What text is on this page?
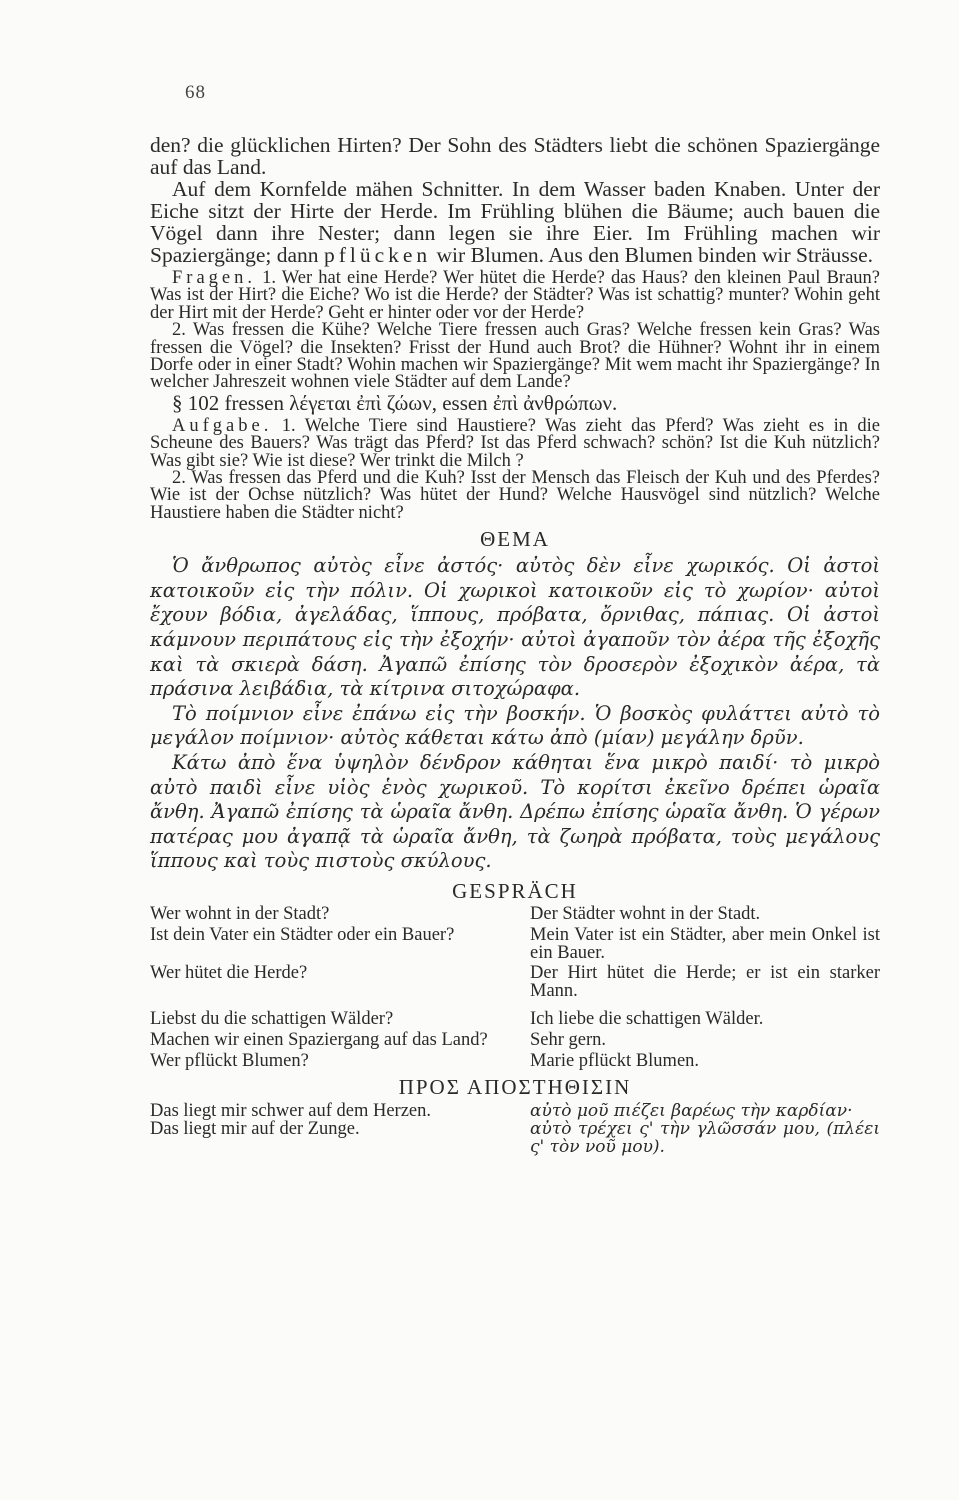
68

den? die glücklichen Hirten? Der Sohn des Städters liebt die schönen Spaziergänge auf das Land.

Auf dem Kornfelde mähen Schnitter. In dem Wasser baden Knaben. Unter der Eiche sitzt der Hirte der Herde. Im Frühling blühen die Bäume; auch bauen die Vögel dann ihre Nester; dann legen sie ihre Eier. Im Frühling machen wir Spaziergänge; dann pflücken wir Blumen. Aus den Blumen binden wir Sträusse.

Fragen. 1. Wer hat eine Herde? Wer hütet die Herde? das Haus? den kleinen Paul Braun? Was ist der Hirt? die Eiche? Wo ist die Herde? der Städter? Was ist schattig? munter? Wohin geht der Hirt mit der Herde? Geht er hinter oder vor der Herde?

2. Was fressen die Kühe? Welche Tiere fressen auch Gras? Welche fressen kein Gras? Was fressen die Vögel? die Insekten? Frisst der Hund auch Brot? die Hühner? Wohnt ihr in einem Dorfe oder in einer Stadt? Wohin machen wir Spaziergänge? Mit wem macht ihr Spaziergänge? In welcher Jahreszeit wohnen viele Städter auf dem Lande?

§ 102 fressen λέγεται ἐπὶ ζώων, essen ἐπὶ ἀνθρώπων.

Aufgabe. 1. Welche Tiere sind Haustiere? Was zieht das Pferd? Was zieht es in die Scheune des Bauers? Was trägt das Pferd? Ist das Pferd schwach? schön? Ist die Kuh nützlich? Was gibt sie? Wie ist diese? Wer trinkt die Milch ?

2. Was fressen das Pferd und die Kuh? Isst der Mensch das Fleisch der Kuh und des Pferdes? Wie ist der Ochse nützlich? Was hütet der Hund? Welche Hausvögel sind nützlich? Welche Haustiere haben die Städter nicht?

ΘΕΜΑ

Ὁ ἄνθρωπος αὐτὸς εἶνε ἀστός· αὐτὸς δὲν εἶνε χωρικός. Οἱ ἀστοὶ κατοικοῦν εἰς τὴν πόλιν. Οἱ χωρικοὶ κατοικοῦν εἰς τὸ χωρίον· αὐτοὶ ἔχουν βόδια, ἀγελάδας, ἵππους, πρόβατα, ὄρνιθας, πάπιας. Οἱ ἀστοὶ κάμνουν περιπάτους εἰς τὴν ἐξοχήν· αὐτοὶ ἀγαποῦν τὸν ἀέρα τῆς ἐξοχῆς καὶ τὰ σκιερὰ δάση. Ἀγαπῶ ἐπίσης τὸν δροσερὸν ἐξοχικὸν ἀέρα, τὰ πράσινα λειβάδια, τὰ κίτρινα σιτοχώραφα.

Τὸ ποίμνιον εἶνε ἐπάνω εἰς τὴν βοσκήν. Ὁ βοσκὸς φυλάττει αὐτὸ τὸ μεγάλον ποίμνιον· αὐτὸς κάθεται κάτω ἀπὸ (μίαν) μεγάλην δρῦν.

Κάτω ἀπὸ ἕνα ὑψηλὸν δένδρον κάθηται ἕνα μικρὸ παιδί· τὸ μικρὸ αὐτὸ παιδὶ εἶνε υἱὸς ἑνὸς χωρικοῦ. Τὸ κορίτσι ἐκεῖνο δρέπει ὡραῖα ἄνθη. Ἀγαπῶ ἐπίσης τὰ ὡραῖα ἄνθη. Δρέπω ἐπίσης ὡραῖα ἄνθη. Ὁ γέρων πατέρας μου ἀγαπᾷ τὰ ὡραῖα ἄνθη, τὰ ζωηρὰ πρόβατα, τοὺς μεγάλους ἵππους καὶ τοὺς πιστοὺς σκύλους.

GESPRÄCH
Wer wohnt in der Stadt?	Der Städter wohnt in der Stadt.
Ist dein Vater ein Städter oder ein Bauer?	Mein Vater ist ein Städter, aber mein Onkel ist ein Bauer.
Wer hütet die Herde?	Der Hirt hütet die Herde; er ist ein starker Mann.
Liebst du die schattigen Wälder?	Ich liebe die schattigen Wälder.
Machen wir einen Spaziergang auf das Land?	Sehr gern.
Wer pflückt Blumen?	Marie pflückt Blumen.
ΠΡΟΣ ΑΠΟΣΤΗΘΙΣΙΝ
Das liegt mir schwer auf dem Herzen.	αὐτὸ μοῦ πιέζει βαρέως τὴν καρδίαν·
Das liegt mir auf der Zunge.	αὐτὸ τρέχει ς' τὴν γλῶσσάν μου, (πλέει ς' τὸν νοῦ μου).
